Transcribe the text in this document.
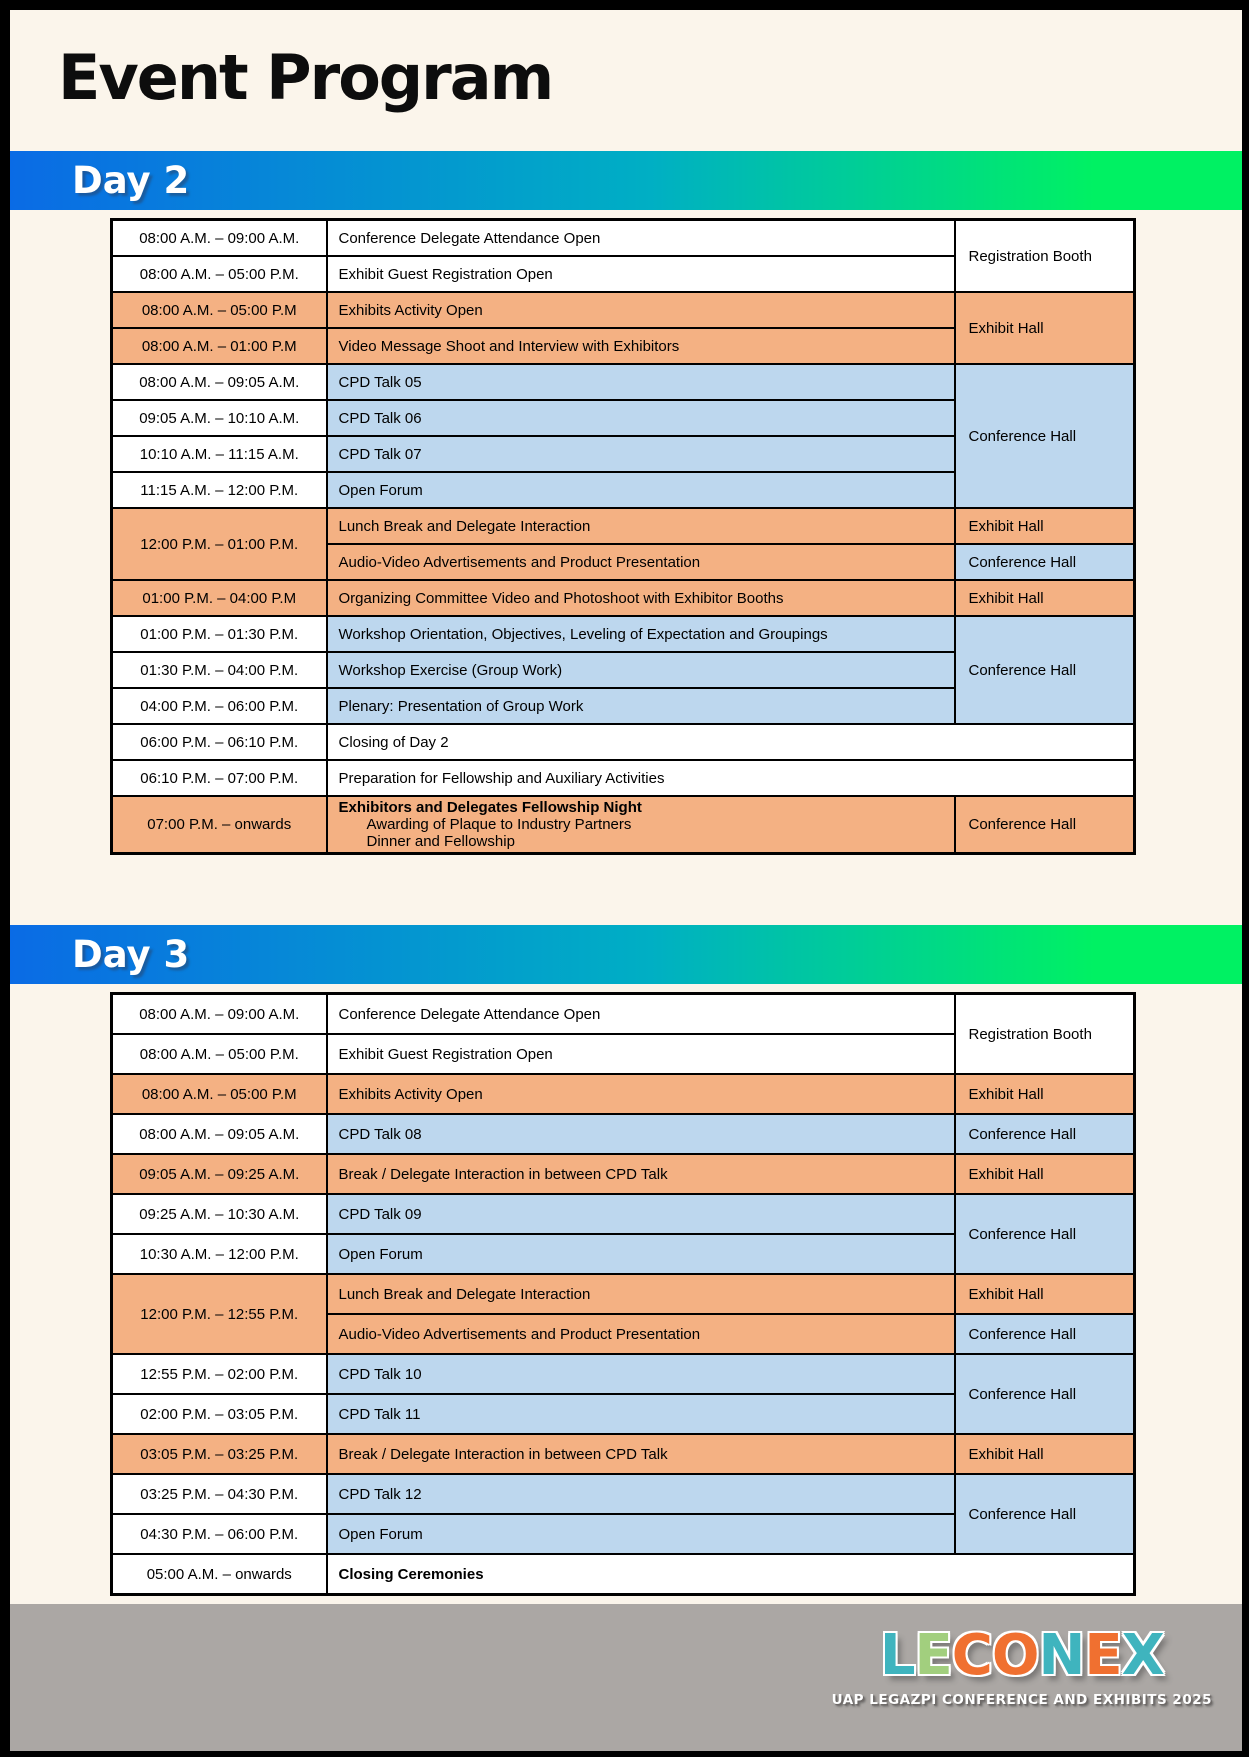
Event Program
Day 2
08:00 A.M. – 09:00 A.M.	Conference Delegate Attendance Open	Registration Booth
08:00 A.M. – 05:00 P.M.	Exhibit Guest Registration Open	
08:00 A.M. – 05:00 P.M	Exhibits Activity Open	Exhibit Hall
08:00 A.M. – 01:00 P.M	Video Message Shoot and Interview with Exhibitors	
08:00 A.M. – 09:05 A.M.	CPD Talk 05	Conference Hall
09:05 A.M. – 10:10 A.M.	CPD Talk 06	
10:10 A.M. – 11:15 A.M.	CPD Talk 07	
11:15 A.M. – 12:00 P.M.	Open Forum	
12:00 P.M. – 01:00 P.M.	Lunch Break and Delegate Interaction	Exhibit Hall
	Audio-Video Advertisements and Product Presentation	Conference Hall
01:00 P.M. – 04:00 P.M	Organizing Committee Video and Photoshoot with Exhibitor Booths	Exhibit Hall
01:00 P.M. – 01:30 P.M.	Workshop Orientation, Objectives, Leveling of Expectation and Groupings	Conference Hall
01:30 P.M. – 04:00 P.M.	Workshop Exercise (Group Work)	
04:00 P.M. – 06:00 P.M.	Plenary: Presentation of Group Work	
06:00 P.M. – 06:10 P.M.	Closing of Day 2	
06:10 P.M. – 07:00 P.M.	Preparation for Fellowship and Auxiliary Activities	
07:00 P.M. – onwards	Exhibitors and Delegates Fellowship Night
Awarding of Plaque to Industry Partners
Dinner and Fellowship	Conference Hall
Day 3
08:00 A.M. – 09:00 A.M.	Conference Delegate Attendance Open	Registration Booth
08:00 A.M. – 05:00 P.M.	Exhibit Guest Registration Open	
08:00 A.M. – 05:00 P.M	Exhibits Activity Open	Exhibit Hall
08:00 A.M. – 09:05 A.M.	CPD Talk 08	Conference Hall
09:05 A.M. – 09:25 A.M.	Break / Delegate Interaction in between CPD Talk	Exhibit Hall
09:25 A.M. – 10:30 A.M.	CPD Talk 09	Conference Hall
10:30 A.M. – 12:00 P.M.	Open Forum	
12:00 P.M. – 12:55 P.M.	Lunch Break and Delegate Interaction	Exhibit Hall
	Audio-Video Advertisements and Product Presentation	Conference Hall
12:55 P.M. – 02:00 P.M.	CPD Talk 10	Conference Hall
02:00 P.M. – 03:05 P.M.	CPD Talk 11	
03:05 P.M. – 03:25 P.M.	Break / Delegate Interaction in between CPD Talk	Exhibit Hall
03:25 P.M. – 04:30 P.M.	CPD Talk 12	Conference Hall
04:30 P.M. – 06:00 P.M.	Open Forum	
05:00 A.M. – onwards	Closing Ceremonies	
LECONEX
UAP LEGAZPI CONFERENCE AND EXHIBITS 2025
